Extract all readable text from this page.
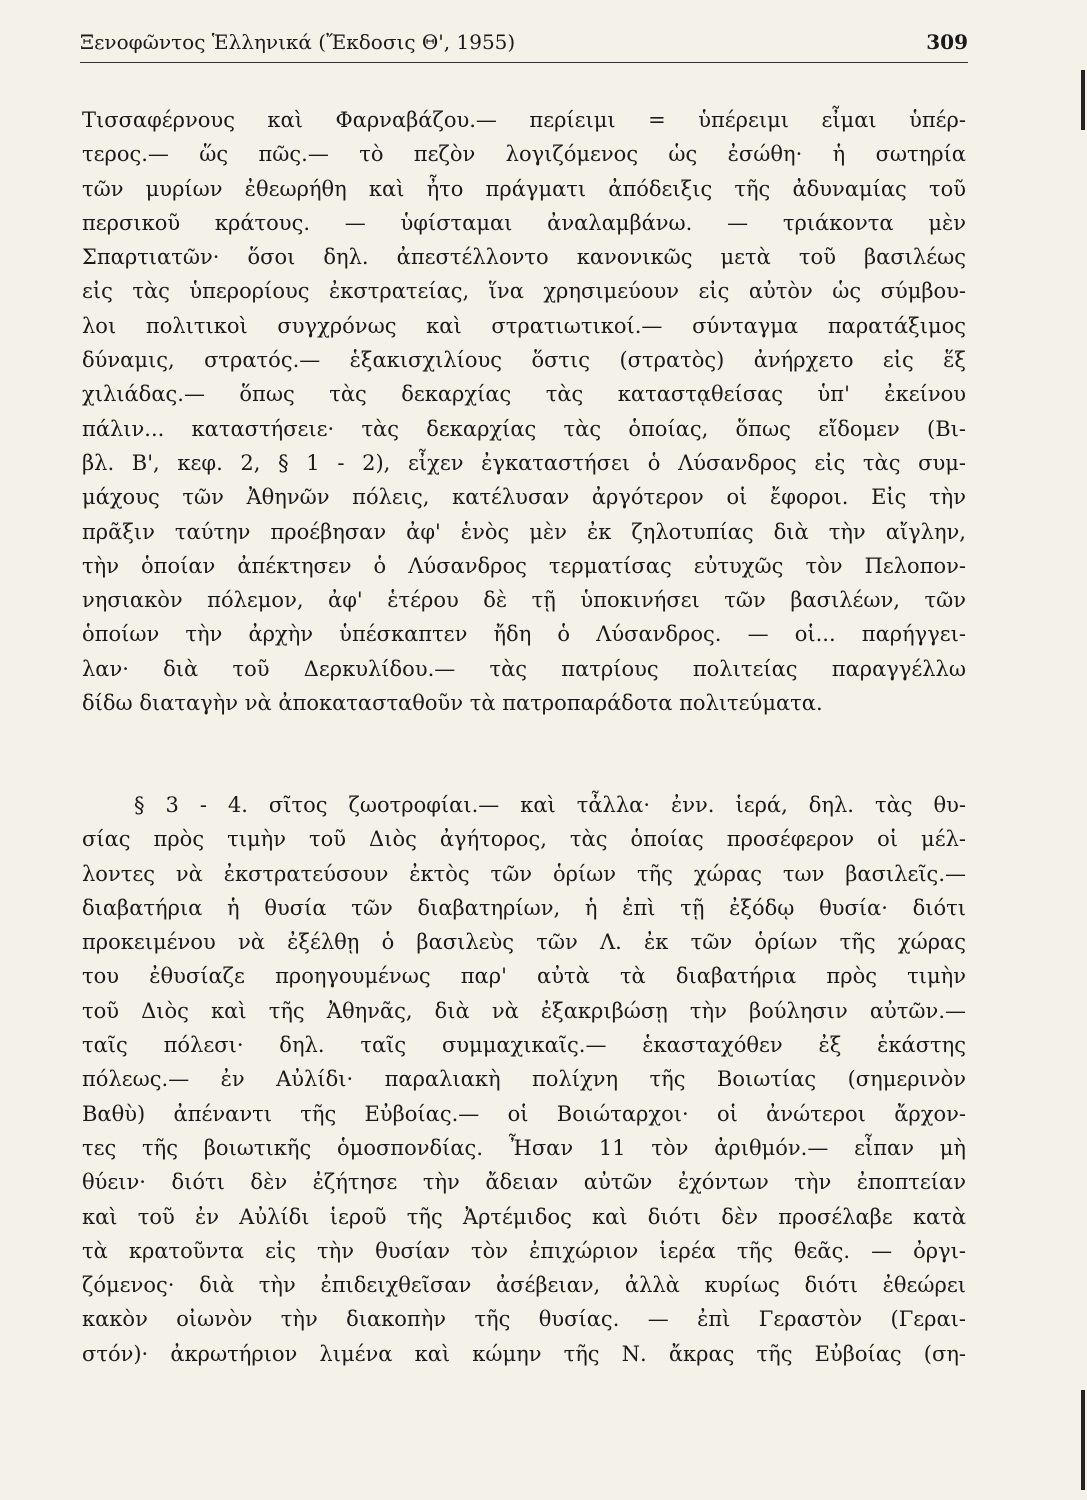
Ξενοφῶντος Ἑλληνικά (Ἔκδοσις Θ', 1955)	309
Τισσαφέρνους καὶ Φαρναβάζου.— περίειμι = ὑπέρειμι εἶμαι ὑπέρ-
τερος.— ὥς πῶς.— τὸ πεζὸν λογιζόμενος ὡς ἐσώθη· ἡ σωτηρία
τῶν μυρίων ἐθεωρήθη καὶ ἦτο πράγματι ἀπόδειξις τῆς ἀδυναμίας τοῦ
περσικοῦ κράτους. — ὑφίσταμαι ἀναλαμβάνω. — τριάκοντα μὲν
Σπαρτιατῶν· ὅσοι δηλ. ἀπεστέλλοντο κανονικῶς μετὰ τοῦ βασιλέως
εἰς τὰς ὑπερορίους ἐκστρατείας, ἵνα χρησιμεύουν εἰς αὐτὸν ὡς σύμβου-
λοι πολιτικοὶ συγχρόνως καὶ στρατιωτικοί.— σύνταγμα παρατάξιμος
δύναμις, στρατός.— ἑξακισχιλίους ὅστις (στρατὸς) ἀνήρχετο εἰς ἕξ
χιλιάδας.— ὅπως τὰς δεκαρχίας τὰς καταστᾳθείσας ὑπ' ἐκείνου
πάλιν... καταστήσειε· τὰς δεκαρχίας τὰς ὁποίας, ὅπως εἴδομεν (Βι-
βλ. Β', κεφ. 2, § 1 - 2), εἶχεν ἐγκαταστήσει ὁ Λύσανδρος εἰς τὰς συμ-
μάχους τῶν Ἀθηνῶν πόλεις, κατέλυσαν ἀργότερον οἱ ἔφοροι. Εἰς τὴν
πρᾶξιν ταύτην προέβησαν ἀφ' ἑνὸς μὲν ἐκ ζηλοτυπίας διὰ τὴν αἴγλην,
τὴν ὁποίαν ἀπέκτησεν ὁ Λύσανδρος τερματίσας εὐτυχῶς τὸν Πελοπον-
νησιακὸν πόλεμον, ἀφ' ἑτέρου δὲ τῇ ὑποκινήσει τῶν βασιλέων, τῶν
ὁποίων τὴν ἀρχὴν ὑπέσκαπτεν ἤδη ὁ Λύσανδρος. — οἱ... παρήγγει-
λαν· διὰ τοῦ Δερκυλίδου.— τὰς πατρίους πολιτείας παραγγέλλω
δίδω διαταγὴν νὰ ἀποκατασταθοῦν τὰ πατροπαράδοτα πολιτεύματα.
§ 3 - 4. σῖτος ζωοτροφίαι.— καὶ τἆλλα· ἐνν. ἱερά, δηλ. τὰς θυ-
σίας πρὸς τιμὴν τοῦ Διὸς ἀγήτορος, τὰς ὁποίας προσέφερον οἱ μέλ-
λοντες νὰ ἐκστρατεύσουν ἐκτὸς τῶν ὁρίων τῆς χώρας των βασιλεῖς.—
διαβατήρια ἡ θυσία τῶν διαβατηρίων, ἡ ἐπὶ τῇ ἐξόδῳ θυσία· διότι
προκειμένου νὰ ἐξέλθῃ ὁ βασιλεὺς τῶν Λ. ἐκ τῶν ὁρίων τῆς χώρας
του ἐθυσίαζε προηγουμένως παρ' αὐτὰ τὰ διαβατήρια πρὸς τιμὴν
τοῦ Διὸς καὶ τῆς Ἀθηνᾶς, διὰ νὰ ἐξακριβώσῃ τὴν βούλησιν αὐτῶν.—
ταῖς πόλεσι· δηλ. ταῖς συμμαχικαῖς.— ἑκασταχόθεν ἐξ ἑκάστης
πόλεως.— ἐν Αὐλίδι· παραλιακὴ πολίχνη τῆς Βοιωτίας (σημερινὸν
Βαθὺ) ἀπέναντι τῆς Εὐβοίας.— οἱ Βοιώταρχοι· οἱ ἀνώτεροι ἄρχον-
τες τῆς βοιωτικῆς ὁμοσπονδίας. Ἦσαν 11 τὸν ἀριθμόν.— εἶπαν μὴ
θύειν· διότι δὲν ἐζήτησε τὴν ἄδειαν αὐτῶν ἐχόντων τὴν ἐποπτείαν
καὶ τοῦ ἐν Αὐλίδι ἱεροῦ τῆς Ἀρτέμιδος καὶ διότι δὲν προσέλαβε κατὰ
τὰ κρατοῦντα εἰς τὴν θυσίαν τὸν ἐπιχώριον ἱερέα τῆς θεᾶς. — ὀργι-
ζόμενος· διὰ τὴν ἐπιδειχθεῖσαν ἀσέβειαν, ἀλλὰ κυρίως διότι ἐθεώρει
κακὸν οἰωνὸν τὴν διακοπὴν τῆς θυσίας. — ἐπὶ Γεραστὸν (Γεραι-
στόν)· ἀκρωτήριον λιμένα καὶ κώμην τῆς Ν. ἄκρας τῆς Εὐβοίας (ση-
